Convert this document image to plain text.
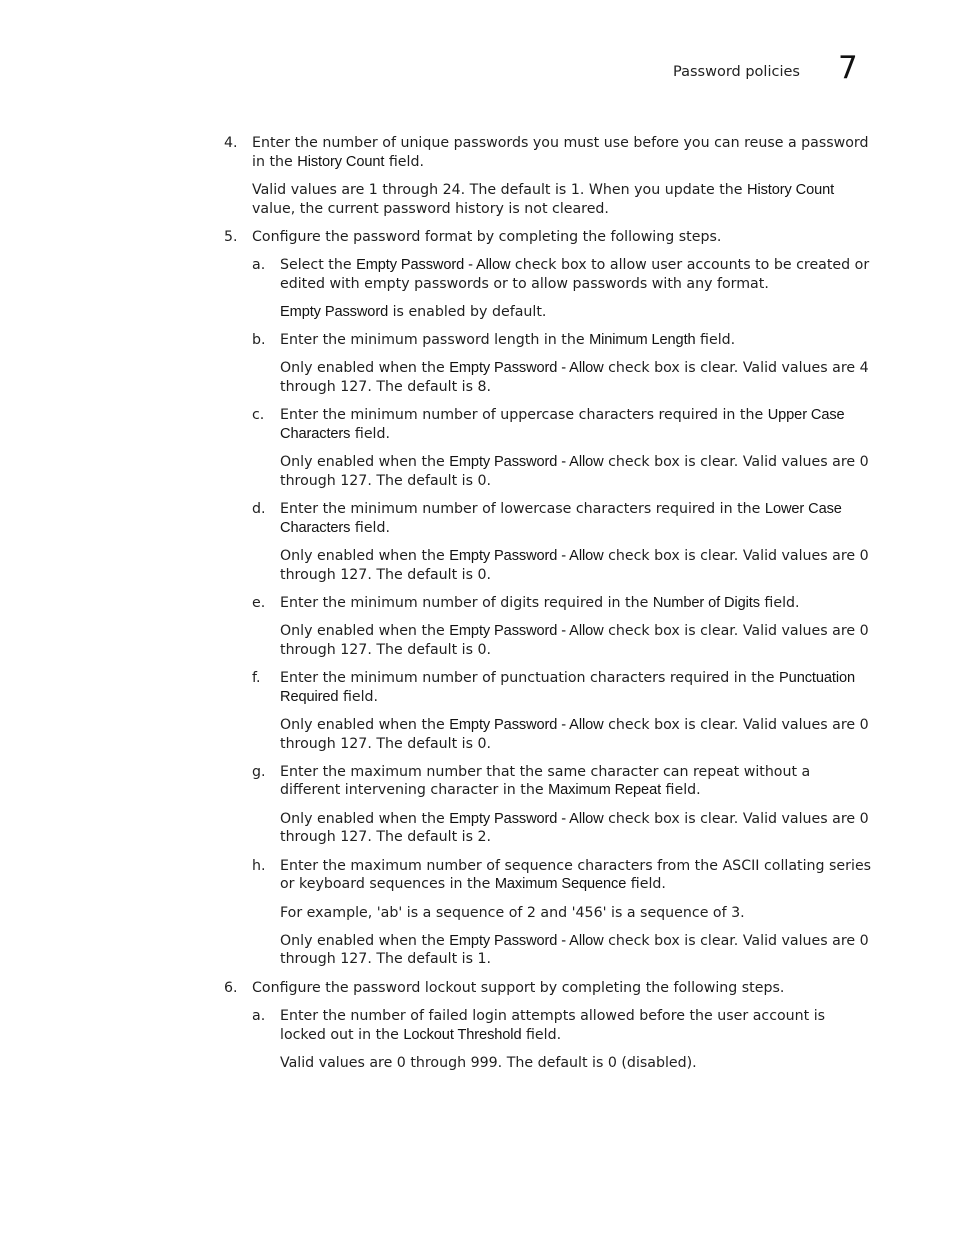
Password policies 7
4. Enter the number of unique passwords you must use before you can reuse a password in the History Count field.
Valid values are 1 through 24. The default is 1. When you update the History Count value, the current password history is not cleared.
5. Configure the password format by completing the following steps.
a. Select the Empty Password - Allow check box to allow user accounts to be created or edited with empty passwords or to allow passwords with any format.
Empty Password is enabled by default.
b. Enter the minimum password length in the Minimum Length field.
Only enabled when the Empty Password - Allow check box is clear. Valid values are 4 through 127. The default is 8.
c. Enter the minimum number of uppercase characters required in the Upper Case Characters field.
Only enabled when the Empty Password - Allow check box is clear. Valid values are 0 through 127. The default is 0.
d. Enter the minimum number of lowercase characters required in the Lower Case Characters field.
Only enabled when the Empty Password - Allow check box is clear. Valid values are 0 through 127. The default is 0.
e. Enter the minimum number of digits required in the Number of Digits field.
Only enabled when the Empty Password - Allow check box is clear. Valid values are 0 through 127. The default is 0.
f. Enter the minimum number of punctuation characters required in the Punctuation Required field.
Only enabled when the Empty Password - Allow check box is clear. Valid values are 0 through 127. The default is 0.
g. Enter the maximum number that the same character can repeat without a different intervening character in the Maximum Repeat field.
Only enabled when the Empty Password - Allow check box is clear. Valid values are 0 through 127. The default is 2.
h. Enter the maximum number of sequence characters from the ASCII collating series or keyboard sequences in the Maximum Sequence field.
For example, 'ab' is a sequence of 2 and '456' is a sequence of 3.
Only enabled when the Empty Password - Allow check box is clear. Valid values are 0 through 127. The default is 1.
6. Configure the password lockout support by completing the following steps.
a. Enter the number of failed login attempts allowed before the user account is locked out in the Lockout Threshold field.
Valid values are 0 through 999. The default is 0 (disabled).
